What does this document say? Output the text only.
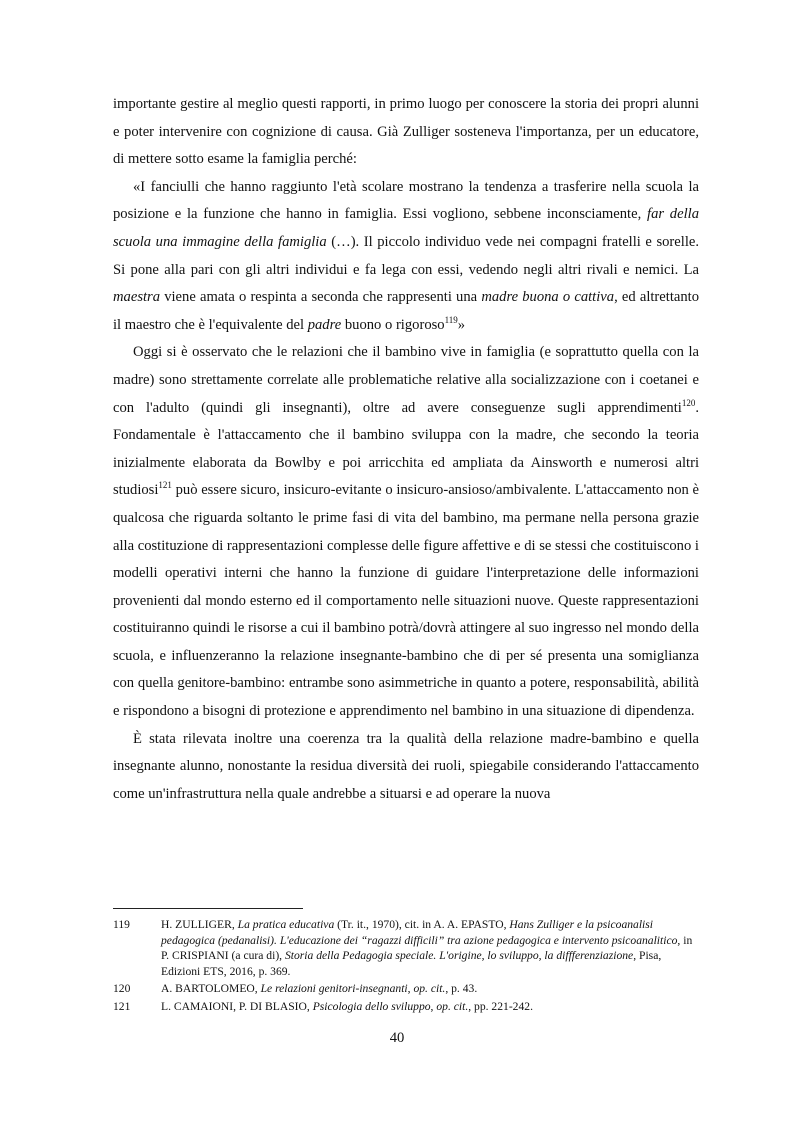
importante gestire al meglio questi rapporti, in primo luogo per conoscere la storia dei propri alunni e poter intervenire con cognizione di causa. Già Zulliger sosteneva l'importanza, per un educatore, di mettere sotto esame la famiglia perché:

«I fanciulli che hanno raggiunto l'età scolare mostrano la tendenza a trasferire nella scuola la posizione e la funzione che hanno in famiglia. Essi vogliono, sebbene inconsciamente, far della scuola una immagine della famiglia (…). Il piccolo individuo vede nei compagni fratelli e sorelle. Si pone alla pari con gli altri individui e fa lega con essi, vedendo negli altri rivali e nemici. La maestra viene amata o respinta a seconda che rappresenti una madre buona o cattiva, ed altrettanto il maestro che è l'equivalente del padre buono o rigoroso$^{119}$»

Oggi si è osservato che le relazioni che il bambino vive in famiglia (e soprattutto quella con la madre) sono strettamente correlate alle problematiche relative alla socializzazione con i coetanei e con l'adulto (quindi gli insegnanti), oltre ad avere conseguenze sugli apprendimenti$^{120}$. Fondamentale è l'attaccamento che il bambino sviluppa con la madre, che secondo la teoria inizialmente elaborata da Bowlby e poi arricchita ed ampliata da Ainsworth e numerosi altri studiosi$^{121}$ può essere sicuro, insicuro-evitante o insicuro-ansioso/ambivalente. L'attaccamento non è qualcosa che riguarda soltanto le prime fasi di vita del bambino, ma permane nella persona grazie alla costituzione di rappresentazioni complesse delle figure affettive e di se stessi che costituiscono i modelli operativi interni che hanno la funzione di guidare l'interpretazione delle informazioni provenienti dal mondo esterno ed il comportamento nelle situazioni nuove. Queste rappresentazioni costituiranno quindi le risorse a cui il bambino potrà/dovrà attingere al suo ingresso nel mondo della scuola, e influenzeranno la relazione insegnante-bambino che di per sé presenta una somiglianza con quella genitore-bambino: entrambe sono asimmetriche in quanto a potere, responsabilità, abilità e rispondono a bisogni di protezione e apprendimento nel bambino in una situazione di dipendenza.

È stata rilevata inoltre una coerenza tra la qualità della relazione madre-bambino e quella insegnante alunno, nonostante la residua diversità dei ruoli, spiegabile considerando l'attaccamento come un'infrastruttura nella quale andrebbe a situarsi e ad operare la nuova

119	H. ZULLIGER, La pratica educativa (Tr. it., 1970), cit. in A. A. EPASTO, Hans Zulliger e la psicoanalisi pedagogica (pedanalisi). L'educazione dei “ragazzi difficili” tra azione pedagogica e intervento psicoanalitico, in P. CRISPIANI (a cura di), Storia della Pedagogia speciale. L'origine, lo sviluppo, la diffferenziazione, Pisa, Edizioni ETS, 2016, p. 369.
120	A. BARTOLOMEO, Le relazioni genitori-insegnanti, op. cit., p. 43.
121	L. CAMAIONI, P. DI BLASIO, Psicologia dello sviluppo, op. cit., pp. 221-242.
40
